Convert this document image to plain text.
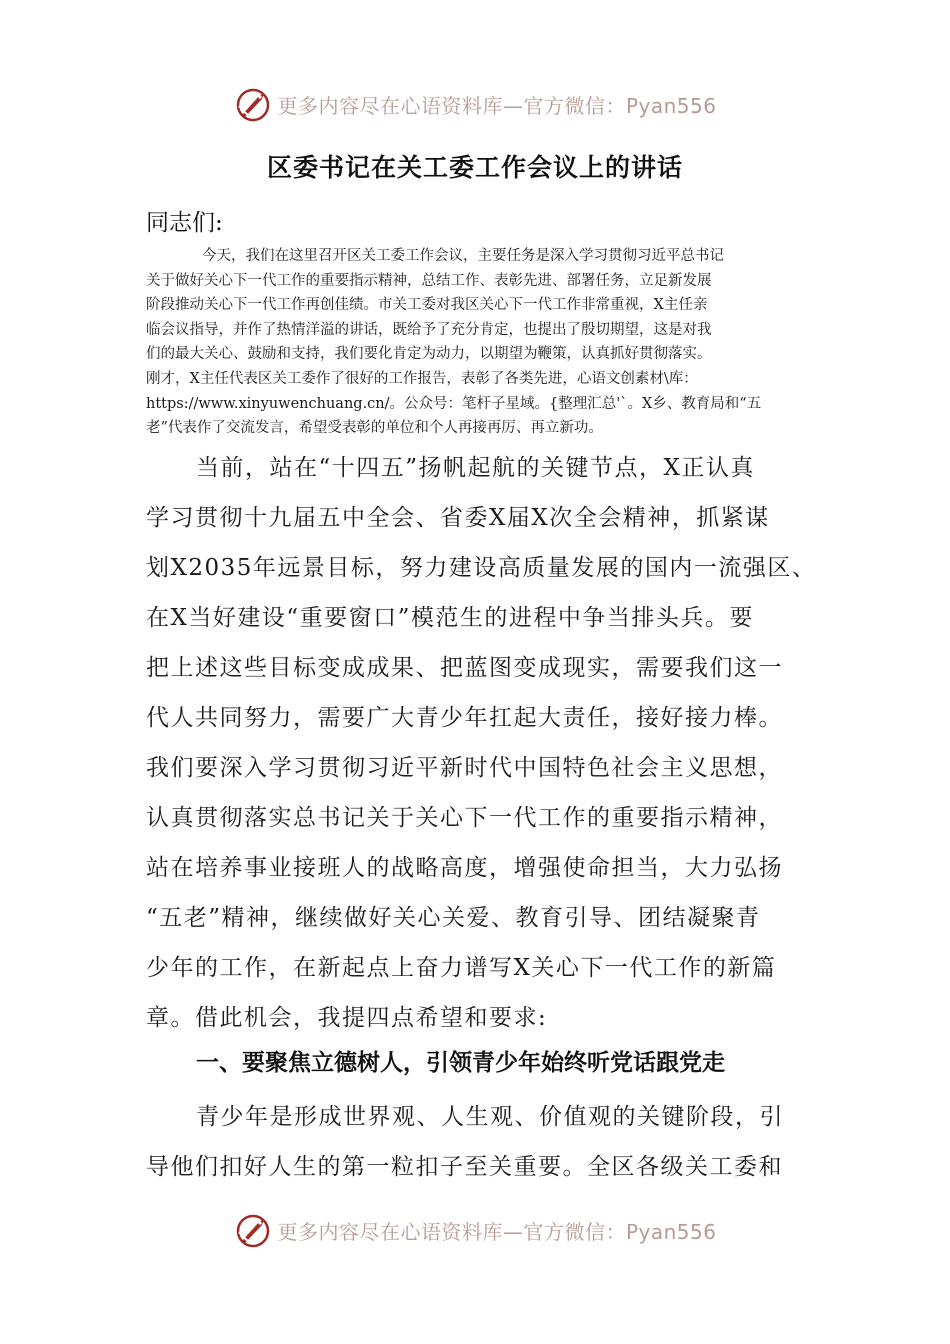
更多内容尽在心语资料库—官方微信：Pyan556
区委书记在关工委工作会议上的讲话
同志们:
今天，我们在这里召开区关工委工作会议，主要任务是深入学习贯彻习近平总书记
关于做好关心下一代工作的重要指示精神，总结工作、表彰先进、部署任务，立足新发展
阶段推动关心下一代工作再创佳绩。市关工委对我区关心下一代工作非常重视，X主任亲
临会议指导，并作了热情洋溢的讲话，既给予了充分肯定，也提出了殷切期望，这是对我
们的最大关心、鼓励和支持，我们要化肯定为动力，以期望为鞭策，认真抓好贯彻落实。
刚才，X主任代表区关工委作了很好的工作报告，表彰了各类先进，心语文创素材\库：
https://www.xinyuwenchuang.cn/。公众号：笔杆子星域。{整理汇总'`。X乡、教育局和“五
老”代表作了交流发言，希望受表彰的单位和个人再接再厉、再立新功。
当前，站在“十四五”扬帆起航的关键节点，X正认真
学习贯彻十九届五中全会、省委X届X次全会精神，抓紧谋
划X2035年远景目标，努力建设高质量发展的国内一流强区、
在X当好建设“重要窗口”模范生的进程中争当排头兵。要
把上述这些目标变成成果、把蓝图变成现实，需要我们这一
代人共同努力，需要广大青少年扛起大责任，接好接力棒。
我们要深入学习贯彻习近平新时代中国特色社会主义思想，
认真贯彻落实总书记关于关心下一代工作的重要指示精神，
站在培养事业接班人的战略高度，增强使命担当，大力弘扬
“五老”精神，继续做好关心关爱、教育引导、团结凝聚青
少年的工作，在新起点上奋力谱写X关心下一代工作的新篇
章。借此机会，我提四点希望和要求:
一、要聚焦立德树人，引领青少年始终听党话跟党走
青少年是形成世界观、人生观、价值观的关键阶段，引
导他们扣好人生的第一粒扣子至关重要。全区各级关工委和
更多内容尽在心语资料库—官方微信：Pyan556
